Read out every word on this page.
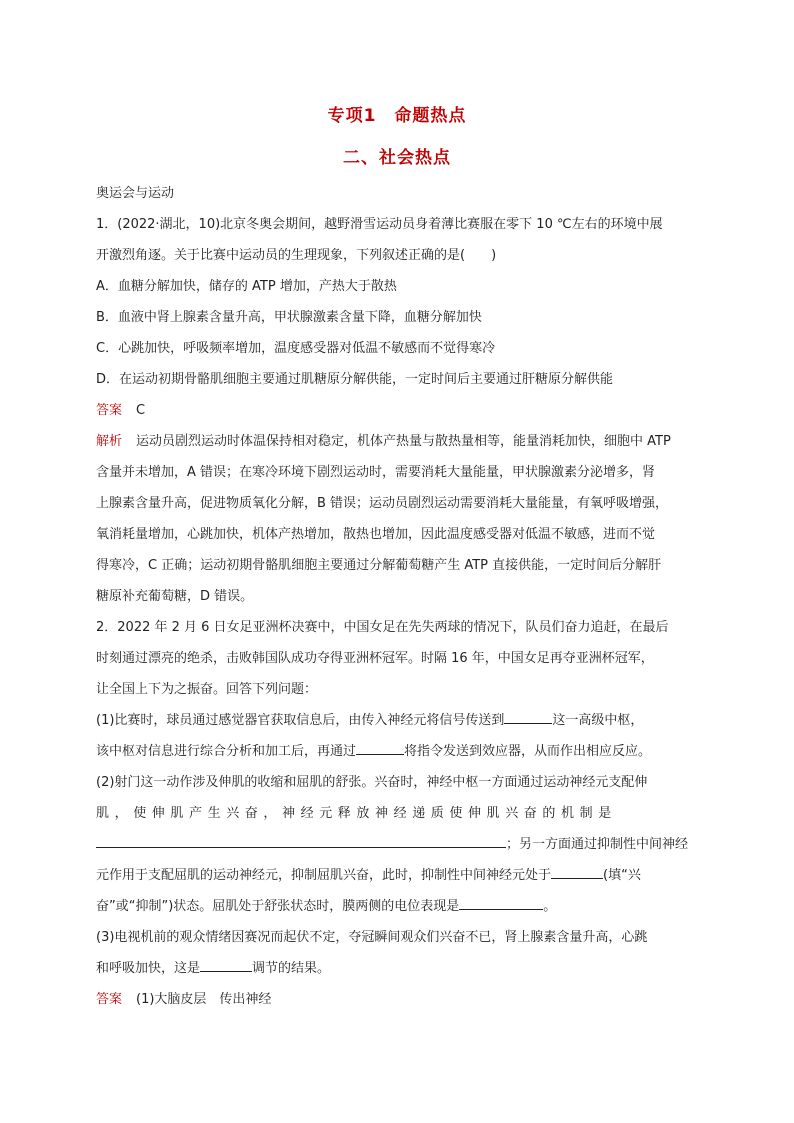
专项1　命题热点
二、社会热点

奥运会与运动

1．(2022·湖北，10)北京冬奥会期间，越野滑雪运动员身着薄比赛服在零下 10 ℃左右的环境中展

开激烈角逐。关于比赛中运动员的生理现象，下列叙述正确的是(　　)

A．血糖分解加快，储存的 ATP 增加，产热大于散热

B．血液中肾上腺素含量升高，甲状腺激素含量下降，血糖分解加快

C．心跳加快，呼吸频率增加，温度感受器对低温不敏感而不觉得寒冷

D．在运动初期骨骼肌细胞主要通过肌糖原分解供能，一定时间后主要通过肝糖原分解供能

答案 C

解析 运动员剧烈运动时体温保持相对稳定，机体产热量与散热量相等，能量消耗加快，细胞中 ATP

含量并未增加，A 错误；在寒冷环境下剧烈运动时，需要消耗大量能量，甲状腺激素分泌增多，肾

上腺素含量升高，促进物质氧化分解，B 错误；运动员剧烈运动需要消耗大量能量，有氧呼吸增强，

氧消耗量增加，心跳加快，机体产热增加，散热也增加，因此温度感受器对低温不敏感，进而不觉

得寒冷，C 正确；运动初期骨骼肌细胞主要通过分解葡萄糖产生 ATP 直接供能，一定时间后分解肝

糖原补充葡萄糖，D 错误。

2．2022 年 2 月 6 日女足亚洲杯决赛中，中国女足在先失两球的情况下，队员们奋力追赶，在最后

时刻通过漂亮的绝杀，击败韩国队成功夺得亚洲杯冠军。时隔 16 年，中国女足再夺亚洲杯冠军，

让全国上下为之振奋。回答下列问题：

(1)比赛时，球员通过感觉器官获取信息后，由传入神经元将信号传送到	这一高级中枢，

该中枢对信息进行综合分析和加工后，再通过	将指令发送到效应器，从而作出相应反应。

(2)射门这一动作涉及伸肌的收缩和屈肌的舒张。兴奋时，神经中枢一方面通过运动神经元支配伸

肌，使伸肌产生兴奋，神经元释放神经递质使伸肌兴奋的机制是

；另一方面通过抑制性中间神经

元作用于支配屈肌的运动神经元，抑制屈肌兴奋，此时，抑制性中间神经元处于	(填“兴

奋”或“抑制”)状态。屈肌处于舒张状态时，膜两侧的电位表现是	。

(3)电视机前的观众情绪因赛况而起伏不定，夺冠瞬间观众们兴奋不已，肾上腺素含量升高，心跳

和呼吸加快，这是	调节的结果。

答案 (1)大脑皮层　传出神经
